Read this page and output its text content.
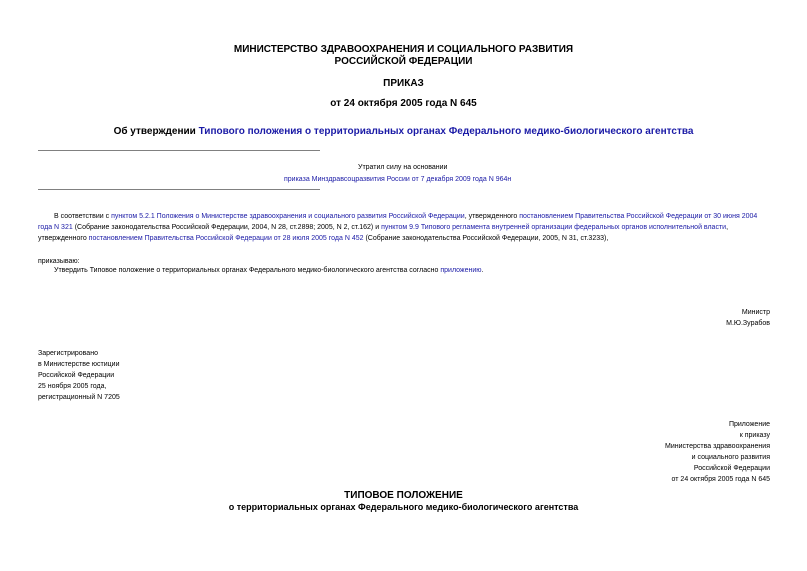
МИНИСТЕРСТВО ЗДРАВООХРАНЕНИЯ И СОЦИАЛЬНОГО РАЗВИТИЯ
РОССИЙСКОЙ ФЕДЕРАЦИИ
ПРИКАЗ
от 24 октября 2005 года N 645
Об утверждении Типового положения о территориальных органах Федерального медико-биологического агентства
Утратил силу на основании
приказа Минздравсоцразвития России от 7 декабря 2009 года N 964н
В соответствии с пунктом 5.2.1 Положения о Министерстве здравоохранения и социального развития Российской Федерации, утвержденного постановлением Правительства Российской Федерации от 30 июня 2004 года N 321 (Собрание законодательства Российской Федерации, 2004, N 28, ст.2898; 2005, N 2, ст.162) и пунктом 9.9 Типового регламента внутренней организации федеральных органов исполнительной власти, утвержденного постановлением Правительства Российской Федерации от 28 июля 2005 года N 452 (Собрание законодательства Российской Федерации, 2005, N 31, ст.3233),
приказываю:
Утвердить Типовое положение о территориальных органах Федерального медико-биологического агентства согласно приложению.
Министр
М.Ю.Зурабов
Зарегистрировано
в Министерстве юстиции
Российской Федерации
25 ноября 2005 года,
регистрационный N 7205
Приложение
к приказу
Министерства здравоохранения
и социального развития
Российской Федерации
от 24 октября 2005 года N 645
ТИПОВОЕ ПОЛОЖЕНИЕ
о территориальных органах Федерального медико-биологического агентства
